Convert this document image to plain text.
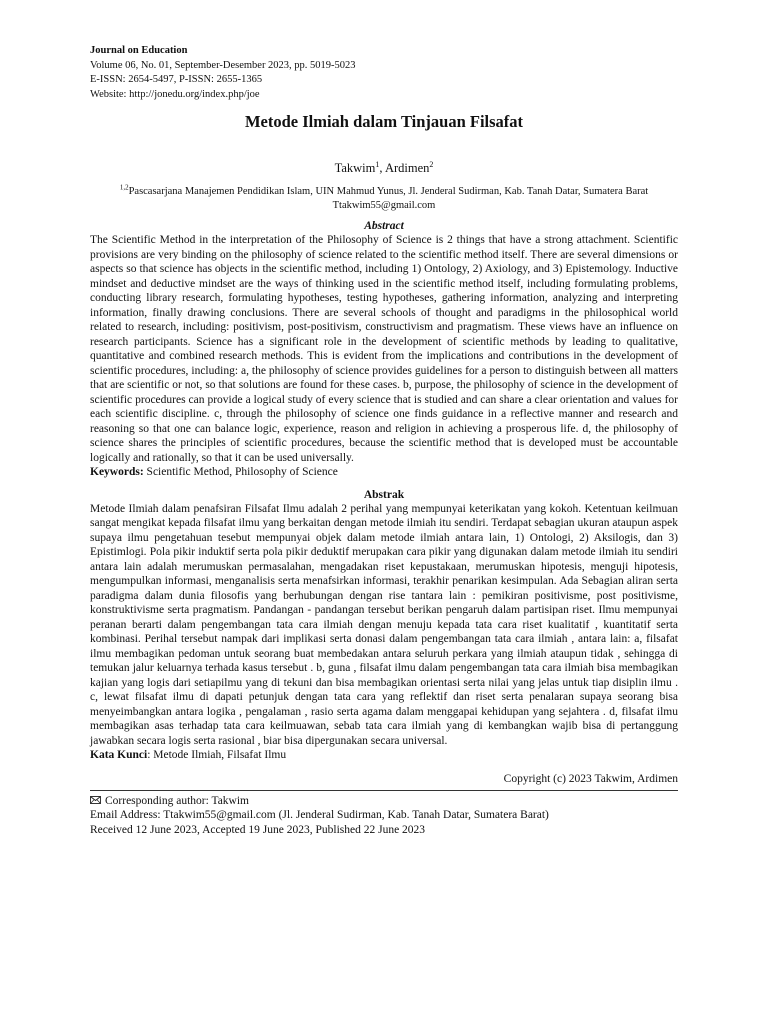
Journal on Education
Volume 06, No. 01, September-Desember 2023, pp. 5019-5023
E-ISSN: 2654-5497, P-ISSN: 2655-1365
Website: http://jonedu.org/index.php/joe
Metode Ilmiah dalam Tinjauan Filsafat
Takwim$^1$, Ardimen$^2$
$^{1,2}$Pascasarjana Manajemen Pendidikan Islam, UIN Mahmud Yunus, Jl. Jenderal Sudirman, Kab. Tanah Datar, Sumatera Barat
Ttakwim55@gmail.com
Abstract

The Scientific Method in the interpretation of the Philosophy of Science is 2 things that have a strong attachment. Scientific provisions are very binding on the philosophy of science related to the scientific method itself. There are several dimensions or aspects so that science has objects in the scientific method, including 1) Ontology, 2) Axiology, and 3) Epistemology. Inductive mindset and deductive mindset are the ways of thinking used in the scientific method itself, including formulating problems, conducting library research, formulating hypotheses, testing hypotheses, gathering information, analyzing and interpreting information, finally drawing conclusions. There are several schools of thought and paradigms in the philosophical world related to research, including: positivism, post-positivism, constructivism and pragmatism. These views have an influence on research participants. Science has a significant role in the development of scientific methods by leading to qualitative, quantitative and combined research methods. This is evident from the implications and contributions in the development of scientific procedures, including: a, the philosophy of science provides guidelines for a person to distinguish between all matters that are scientific or not, so that solutions are found for these cases. b, purpose, the philosophy of science in the development of scientific procedures can provide a logical study of every science that is studied and can share a clear orientation and values for each scientific discipline. c, through the philosophy of science one finds guidance in a reflective manner and research and reasoning so that one can balance logic, experience, reason and religion in achieving a prosperous life. d, the philosophy of science shares the principles of scientific procedures, because the scientific method that is developed must be accountable logically and rationally, so that it can be used universally.

Keywords: Scientific Method, Philosophy of Science
Abstrak

Metode Ilmiah dalam penafsiran Filsafat Ilmu adalah 2 perihal yang mempunyai keterikatan yang kokoh. Ketentuan keilmuan sangat mengikat kepada filsafat ilmu yang berkaitan dengan metode ilmiah itu sendiri. Terdapat sebagian ukuran ataupun aspek supaya ilmu pengetahuan tesebut mempunyai objek dalam metode ilmiah antara lain, 1) Ontologi, 2) Aksilogis, dan 3) Epistimlogi. Pola pikir induktif serta pola pikir deduktif merupakan cara pikir yang digunakan dalam metode ilmiah itu sendiri antara lain adalah merumuskan permasalahan, mengadakan riset kepustakaan, merumuskan hipotesis, menguji hipotesis, mengumpulkan informasi, menganalisis serta menafsirkan informasi, terakhir penarikan kesimpulan. Ada Sebagian aliran serta paradigma dalam dunia filosofis yang berhubungan dengan rise tantara lain : pemikiran positivisme, post positivisme, konstruktivisme serta pragmatism. Pandangan - pandangan tersebut berikan pengaruh dalam partisipan riset. Ilmu mempunyai peranan berarti dalam pengembangan tata cara ilmiah dengan menuju kepada tata cara riset kualitatif , kuantitatif serta kombinasi. Perihal tersebut nampak dari implikasi serta donasi dalam pengembangan tata cara ilmiah , antara lain: a, filsafat ilmu membagikan pedoman untuk seorang buat membedakan antara seluruh perkara yang ilmiah ataupun tidak , sehingga di temukan jalur keluarnya terhada kasus tersebut . b, guna , filsafat ilmu dalam pengembangan tata cara ilmiah bisa membagikan kajian yang logis dari setiapilmu yang di tekuni dan bisa membagikan orientasi serta nilai yang jelas untuk tiap disiplin ilmu . c, lewat filsafat ilmu di dapati petunjuk dengan tata cara yang reflektif dan riset serta penalaran supaya seorang bisa menyeimbangkan antara logika , pengalaman , rasio serta agama dalam menggapai kehidupan yang sejahtera . d, filsafat ilmu membagikan asas terhadap tata cara keilmuawan, sebab tata cara ilmiah yang di kembangkan wajib bisa di pertanggung jawabkan secara logis serta rasional , biar bisa dipergunakan secara universal.

Kata Kunci: Metode Ilmiah, Filsafat Ilmu
Copyright (c) 2023 Takwim, Ardimen
Corresponding author: Takwim
Email Address: Ttakwim55@gmail.com (Jl. Jenderal Sudirman, Kab. Tanah Datar, Sumatera Barat)
Received 12 June 2023, Accepted 19 June 2023, Published 22 June 2023
